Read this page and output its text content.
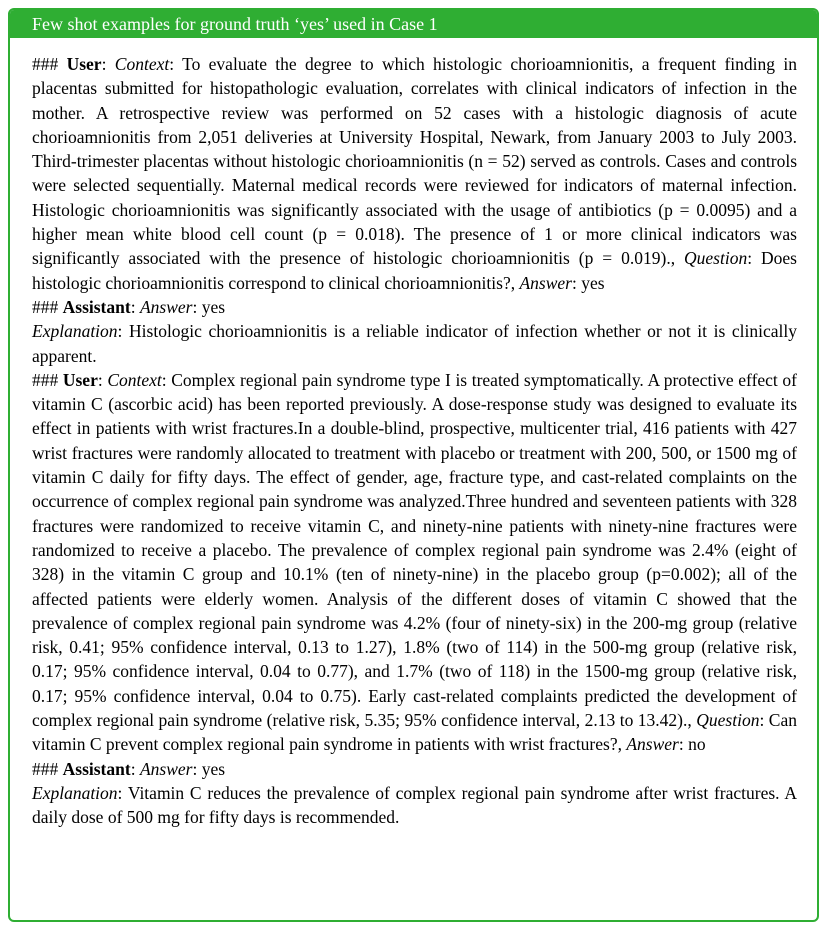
Few shot examples for ground truth ‘yes’ used in Case 1

### User: Context: To evaluate the degree to which histologic chorioamnionitis, a frequent finding in placentas submitted for histopathologic evaluation, correlates with clinical indicators of infection in the mother. A retrospective review was performed on 52 cases with a histologic diagnosis of acute chorioamnionitis from 2,051 deliveries at University Hospital, Newark, from January 2003 to July 2003. Third-trimester placentas without histologic chorioamnionitis (n = 52) served as controls. Cases and controls were selected sequentially. Maternal medical records were reviewed for indicators of maternal infection. Histologic chorioamnionitis was significantly associated with the usage of antibiotics (p = 0.0095) and a higher mean white blood cell count (p = 0.018). The presence of 1 or more clinical indicators was significantly associated with the presence of histologic chorioamnionitis (p = 0.019)., Question: Does histologic chorioamnionitis correspond to clinical chorioamnionitis?, Answer: yes

### Assistant: Answer: yes

Explanation: Histologic chorioamnionitis is a reliable indicator of infection whether or not it is clinically apparent.

### User: Context: Complex regional pain syndrome type I is treated symptomatically. A protective effect of vitamin C (ascorbic acid) has been reported previously. A dose-response study was designed to evaluate its effect in patients with wrist fractures.In a double-blind, prospective, multicenter trial, 416 patients with 427 wrist fractures were randomly allocated to treatment with placebo or treatment with 200, 500, or 1500 mg of vitamin C daily for fifty days. The effect of gender, age, fracture type, and cast-related complaints on the occurrence of complex regional pain syndrome was analyzed.Three hundred and seventeen patients with 328 fractures were randomized to receive vitamin C, and ninety-nine patients with ninety-nine fractures were randomized to receive a placebo. The prevalence of complex regional pain syndrome was 2.4% (eight of 328) in the vitamin C group and 10.1% (ten of ninety-nine) in the placebo group (p=0.002); all of the affected patients were elderly women. Analysis of the different doses of vitamin C showed that the prevalence of complex regional pain syndrome was 4.2% (four of ninety-six) in the 200-mg group (relative risk, 0.41; 95% confidence interval, 0.13 to 1.27), 1.8% (two of 114) in the 500-mg group (relative risk, 0.17; 95% confidence interval, 0.04 to 0.77), and 1.7% (two of 118) in the 1500-mg group (relative risk, 0.17; 95% confidence interval, 0.04 to 0.75). Early cast-related complaints predicted the development of complex regional pain syndrome (relative risk, 5.35; 95% confidence interval, 2.13 to 13.42)., Question: Can vitamin C prevent complex regional pain syndrome in patients with wrist fractures?, Answer: no

### Assistant: Answer: yes

Explanation: Vitamin C reduces the prevalence of complex regional pain syndrome after wrist fractures. A daily dose of 500 mg for fifty days is recommended.
